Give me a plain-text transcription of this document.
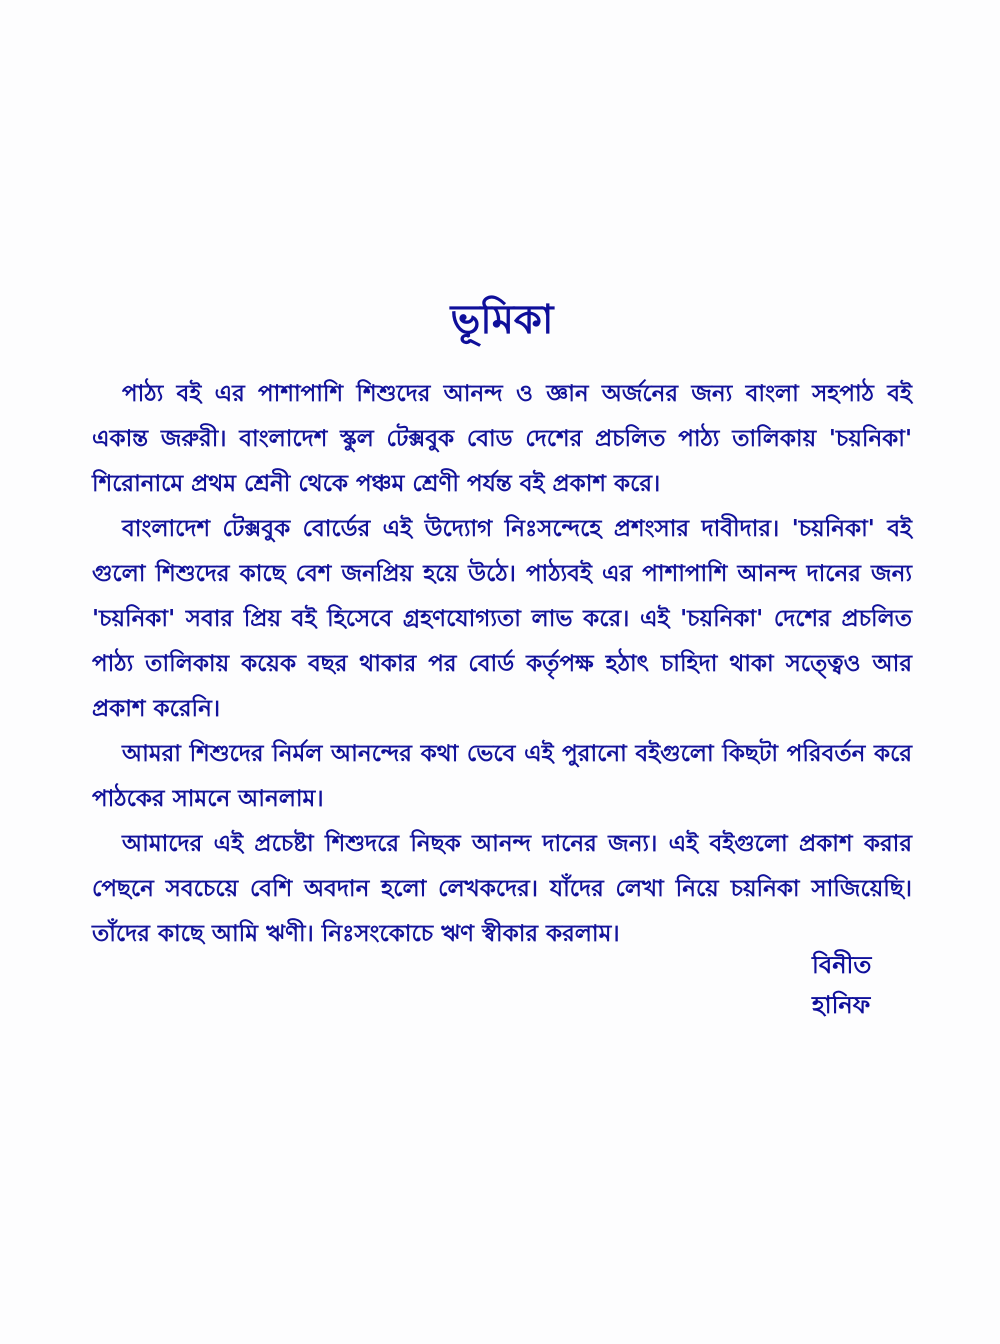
ভূমিকা

পাঠ্য বই এর পাশাপাশি শিশুদের আনন্দ ও জ্ঞান অর্জনের জন্য বাংলা সহপাঠ বই একান্ত জরুরী। বাংলাদেশ স্কুল টেক্সবুক বোড দেশের প্রচলিত পাঠ্য তালিকায় 'চয়নিকা' শিরোনামে প্রথম শ্রেনী থেকে পঞ্চম শ্রেণী পর্যন্ত বই প্রকাশ করে।

বাংলাদেশ টেক্সবুক বোর্ডের এই উদ্যোগ নিঃসন্দেহে প্রশংসার দাবীদার। 'চয়নিকা' বই গুলো শিশুদের কাছে বেশ জনপ্রিয় হয়ে উঠে। পাঠ্যবই এর পাশাপাশি আনন্দ দানের জন্য 'চয়নিকা' সবার প্রিয় বই হিসেবে গ্রহণযোগ্যতা লাভ করে। এই 'চয়নিকা' দেশের প্রচলিত পাঠ্য তালিকায় কয়েক বছর থাকার পর বোর্ড কর্তৃপক্ষ হঠাৎ চাহিদা থাকা সত্ত্বেও আর প্রকাশ করেনি।

আমরা শিশুদের নির্মল আনন্দের কথা ভেবে এই পুরানো বইগুলো কিছটা পরিবর্তন করে পাঠকের সামনে আনলাম।

আমাদের এই প্রচেষ্টা শিশুদরে নিছক আনন্দ দানের জন্য। এই বইগুলো প্রকাশ করার পেছনে সবচেয়ে বেশি অবদান হলো লেখকদের। যাঁদের লেখা নিয়ে চয়নিকা সাজিয়েছি। তাঁদের কাছে আমি ঋণী। নিঃসংকোচে ঋণ স্বীকার করলাম।

বিনীত
হানিফ
